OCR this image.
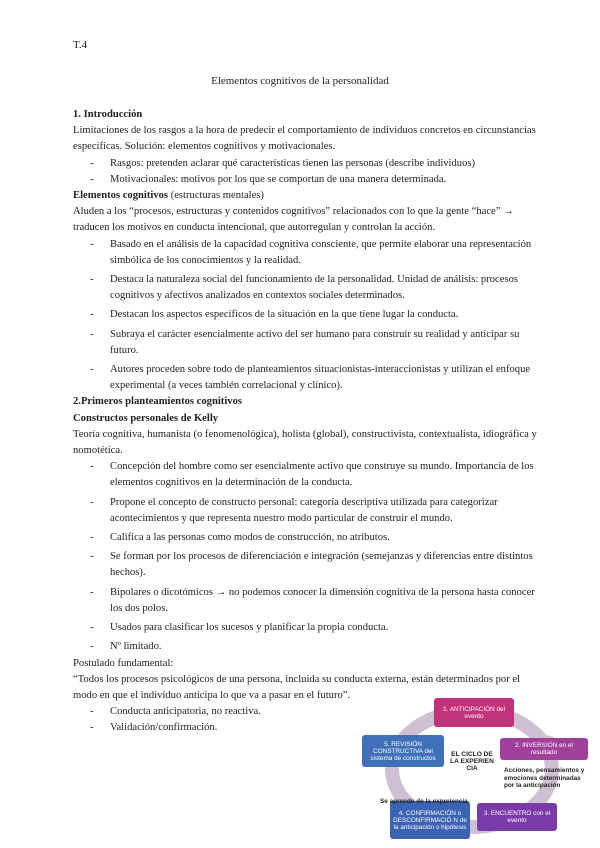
T.4
Elementos cognitivos de la personalidad
1. Introducción

Limitaciones de los rasgos a la hora de predecir el comportamiento de individuos concretos en circunstancias específicas. Solución: elementos cognitivos y motivacionales.

- Rasgos: pretenden aclarar qué características tienen las personas (describe individuos)
- Motivacionales: motivos por los que se comportan de una manera determinada.

Elementos cognitivos (estructuras mentales)

Aluden a los “procesos, estructuras y contenidos cognitivos” relacionados con lo que la gente “hace” → traducen los motivos en conducta intencional, que autorregulan y controlan la acción.

- Basado en el análisis de la capacidad cognitiva consciente, que permite elaborar una representación simbólica de los conocimientos y la realidad.
- Destaca la naturaleza social del funcionamiento de la personalidad. Unidad de análisis: procesos cognitivos y afectivos analizados en contextos sociales determinados.
- Destacan los aspectos específicos de la situación en la que tiene lugar la conducta.
- Subraya el carácter esencialmente activo del ser humano para construir su realidad y anticipar su futuro.
- Autores proceden sobre todo de planteamientos situacionistas-interaccionistas y utilizan el enfoque experimental (a veces también correlacional y clínico).
2.Primeros planteamientos cognitivos
Constructos personales de Kelly

Teoría cognitiva, humanista (o fenomenológica), holista (global), constructivista, contextualista, idiográfica y nomotética.

- Concepción del hombre como ser esencialmente activo que construye su mundo. Importancia de los elementos cognitivos en la determinación de la conducta.
- Propone el concepto de constructo personal: categoría descriptiva utilizada para categorizar acontecimientos y que representa nuestro modo particular de construir el mundo.
- Califica a las personas como modos de construcción, no atributos.
- Se forman por los procesos de diferenciación e integración (semejanzas y diferencias entre distintos hechos).
- Bipolares o dicotómicos → no podemos conocer la dimensión cognitiva de la persona hasta conocer los dos polos.
- Usados para clasificar los sucesos y planificar la propia conducta.
- Nº limitado.

Postulado fundamental:

“Todos los procesos psicológicos de una persona, incluida su conducta externa, están determinados por el modo en que el individuo anticipa lo que va a pasar en el futuro”.

- Conducta anticipatoria, no reactiva.
- Validación/confirmación.
1. ANTICIPACIÓN del evento
2. INVERSIÓN en el resultado
3. ENCUENTRO con el evento
4. CONFIRMACIÓN o DESCONFIRMACIÓ N de la anticipación o hipótesis
5. REVISIÓN CONSTRUCTIVA del sistema de constructos	EL CICLO DE LA EXPERIEN CIA	Acciones, pensamientos y emociones determinadas por la anticipación
Se aprende de la experiencia
